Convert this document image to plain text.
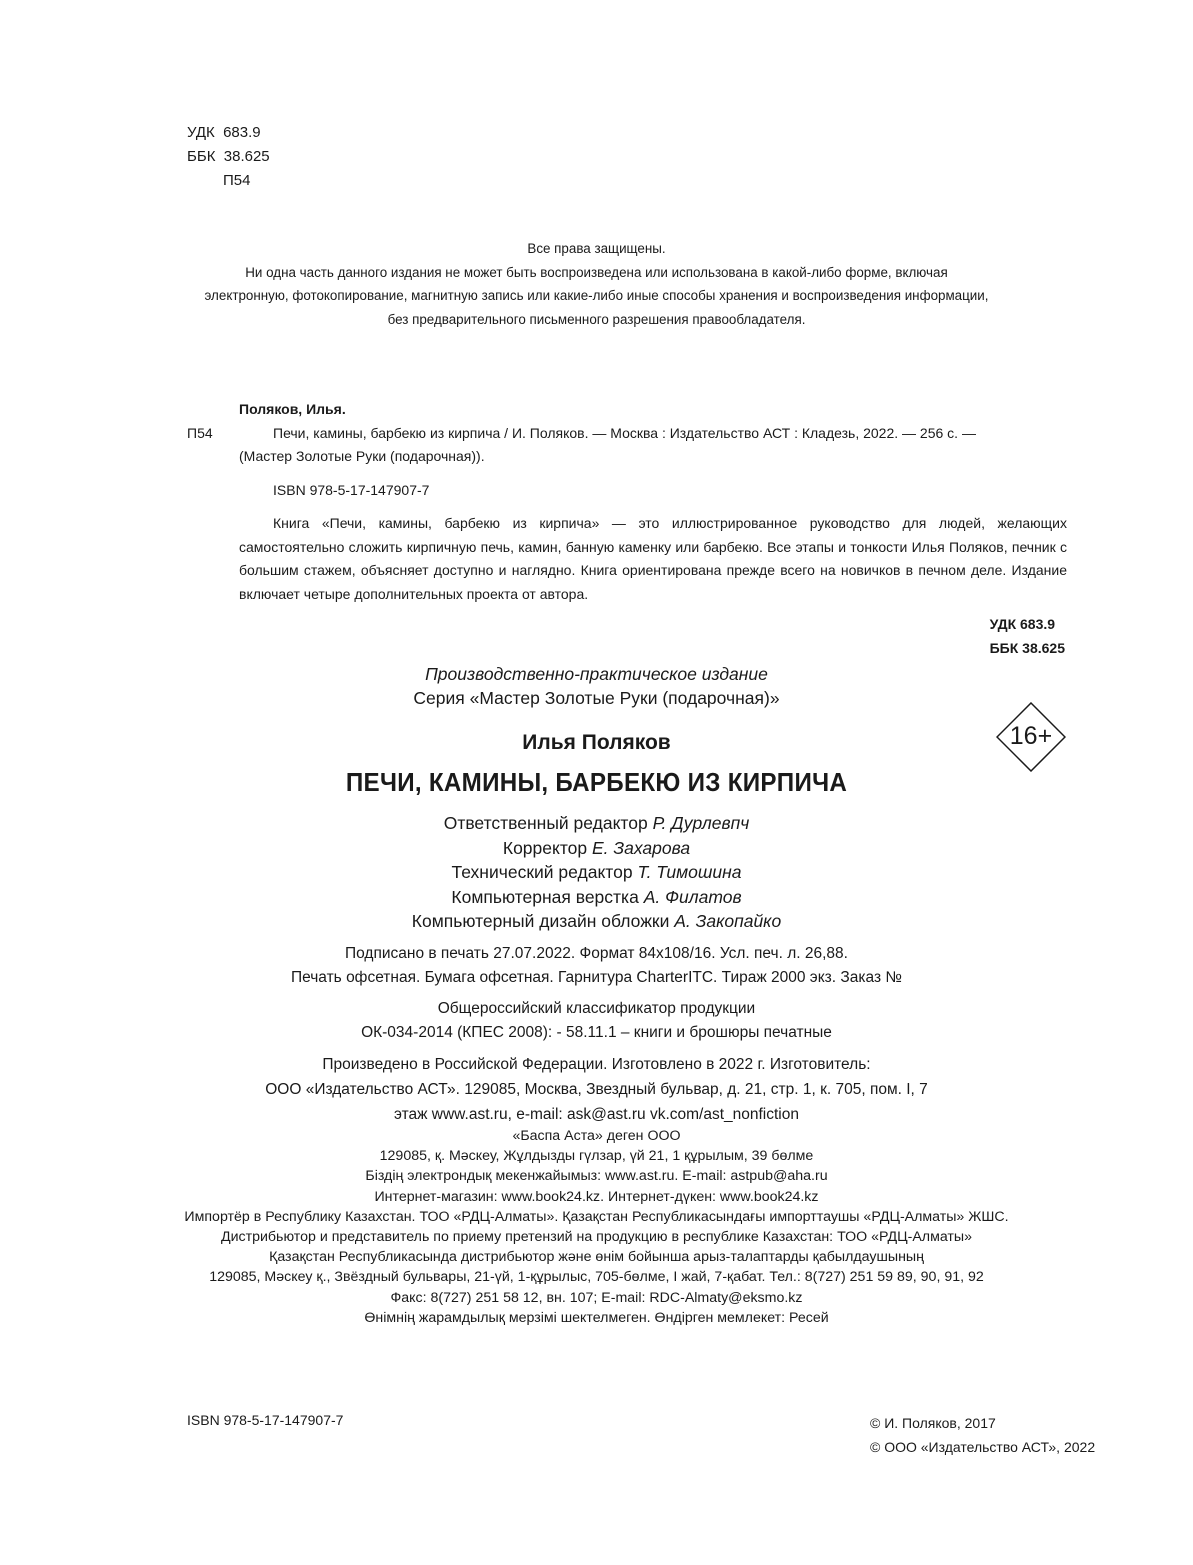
УДК  683.9
ББК  38.625
П54
Все права защищены.
Ни одна часть данного издания не может быть воспроизведена или использована в какой-либо форме, включая
электронную, фотокопирование, магнитную запись или какие-либо иные способы хранения и воспроизведения информации,
без предварительного письменного разрешения правообладателя.
Поляков, Илья.
П54	Печи, камины, барбекю из кирпича / И. Поляков. — Москва : Издательство АСТ : Кладезь, 2022. — 256 с. —
(Мастер Золотые Руки (подарочная)).
ISBN 978-5-17-147907-7
Книга «Печи, камины, барбекю из кирпича» — это иллюстрированное руководство для людей, желающих самостоятельно сложить кирпичную печь, камин, банную каменку или барбекю. Все этапы и тонкости Илья Поляков, печник с большим стажем, объясняет доступно и наглядно. Книга ориентирована прежде всего на новичков в печном деле. Издание включает четыре дополнительных проекта от автора.
УДК 683.9
ББК 38.625
Производственно-практическое издание
Серия «Мастер Золотые Руки (подарочная)»
Илья Поляков
ПЕЧИ, КАМИНЫ, БАРБЕКЮ ИЗ КИРПИЧА
16+
Ответственный редактор Р. Дурлевпч
Корректор Е. Захарова
Технический редактор Т. Тимошина
Компьютерная верстка А. Филатов
Компьютерный дизайн обложки А. Закопайко
Подписано в печать 27.07.2022. Формат 84x108/16. Усл. печ. л. 26,88.
Печать офсетная. Бумага офсетная. Гарнитура CharterITC. Тираж 2000 экз. Заказ №
Общероссийский классификатор продукции
ОК-034-2014 (КПЕС 2008): - 58.11.1 – книги и брошюры печатные
Произведено в Российской Федерации. Изготовлено в 2022 г. Изготовитель:
ООО «Издательство АСТ». 129085, Москва, Звездный бульвар, д. 21, стр. 1, к. 705, пом. I, 7
этаж www.ast.ru, e-mail: ask@ast.ru vk.com/ast_nonfiction
«Баспа Аста» деген ООО
129085, қ. Мәскеу, Жұлдызды гүлзар, үй 21, 1 құрылым, 39 бөлме
Біздің электрондық мекенжайымыз: www.ast.ru. E-mail: astpub@aha.ru
Интернет-магазин: www.book24.kz. Интернет-дүкен: www.book24.kz
Импортёр в Республику Казахстан. ТОО «РДЦ-Алматы». Қазақстан Республикасындағы импорттаушы «РДЦ-Алматы» ЖШС.
Дистрибьютор и представитель по приему претензий на продукцию в республике Казахстан: ТОО «РДЦ-Алматы»
Қазақстан Республикасында дистрибьютор және өнім бойынша арыз-талаптарды қабылдаушының
129085, Мәскеу қ., Звёздный бульвары, 21-үй, 1-құрылыс, 705-бөлме, I жай, 7-қабат. Тел.: 8(727) 251 59 89, 90, 91, 92
Факс: 8(727) 251 58 12, вн. 107; E-mail: RDC-Almaty@eksmo.kz
Өнімнің жарамдылық мерзімі шектелмеген. Өндірген мемлекет: Ресей
ISBN 978-5-17-147907-7	© И. Поляков, 2017
© ООО «Издательство АСТ», 2022
